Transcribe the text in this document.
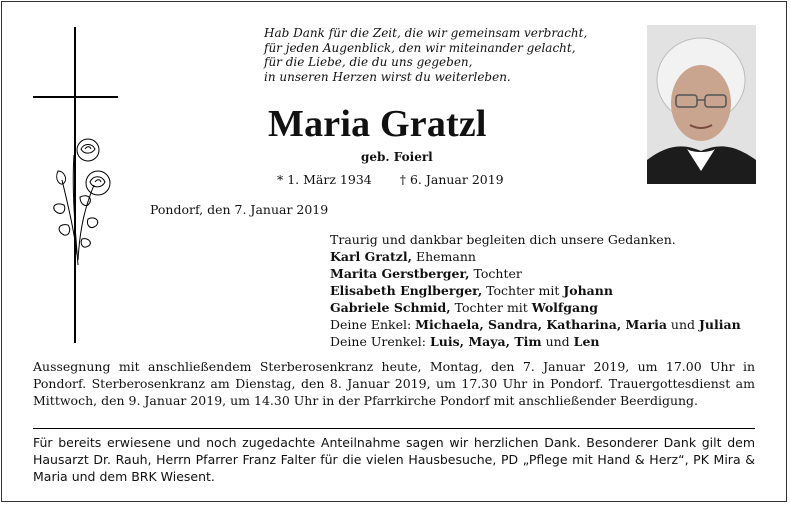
Hab Dank für die Zeit, die wir gemeinsam verbracht,
für jeden Augenblick, den wir miteinander gelacht,
für die Liebe, die du uns gegeben,
in unseren Herzen wirst du weiterleben.
Maria Gratzl
geb. Foierl
* 1. März 1934 † 6. Januar 2019
Pondorf, den 7. Januar 2019
Traurig und dankbar begleiten dich unsere Gedanken.
Karl Gratzl, Ehemann
Marita Gerstberger, Tochter
Elisabeth Englberger, Tochter mit Johann
Gabriele Schmid, Tochter mit Wolfgang
Deine Enkel: Michaela, Sandra, Katharina, Maria und Julian
Deine Urenkel: Luis, Maya, Tim und Len
Aussegnung mit anschließendem Sterberosenkranz heute, Montag, den 7. Januar 2019, um 17.00 Uhr in Pondorf. Sterberosenkranz am Dienstag, den 8. Januar 2019, um 17.30 Uhr in Pondorf. Trauergottesdienst am Mittwoch, den 9. Januar 2019, um 14.30 Uhr in der Pfarrkirche Pondorf mit anschließender Beerdigung.
Für bereits erwiesene und noch zugedachte Anteilnahme sagen wir herzlichen Dank. Besonderer Dank gilt dem Hausarzt Dr. Rauh, Herrn Pfarrer Franz Falter für die vielen Hausbesuche, PD „Pflege mit Hand & Herz“, PK Mira & Maria und dem BRK Wiesent.
